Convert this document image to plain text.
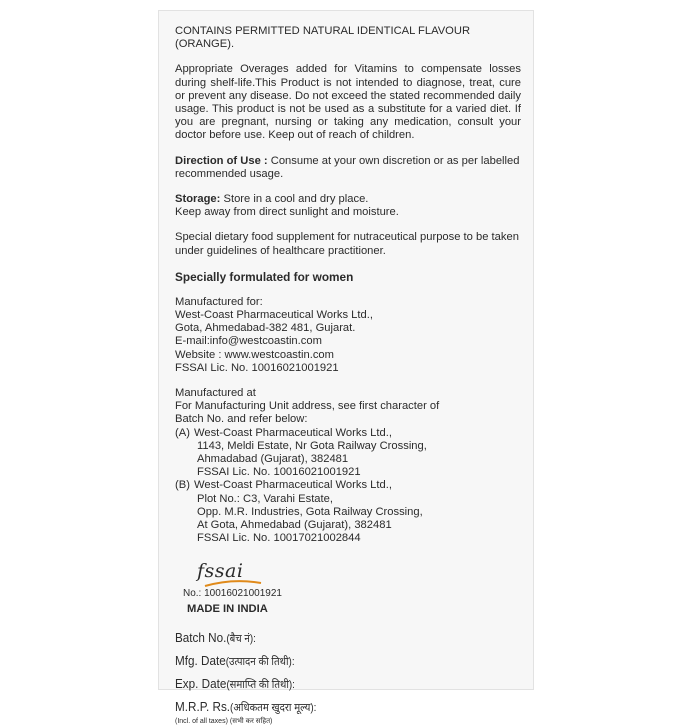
CONTAINS PERMITTED NATURAL IDENTICAL FLAVOUR (ORANGE).

Appropriate Overages added for Vitamins to compensate losses during shelf-life.This Product is not intended to diagnose, treat, cure or prevent any disease. Do not exceed the stated recommended daily usage. This product is not be used as a substitute for a varied diet. If you are pregnant, nursing or taking any medication, consult your doctor before use. Keep out of reach of children.

Direction of Use : Consume at your own discretion or as per labelled recommended usage.

Storage: Store in a cool and dry place.
Keep away from direct sunlight and moisture.

Special dietary food supplement for nutraceutical purpose to be taken under guidelines of healthcare practitioner.

Specially formulated for women

Manufactured for:
West-Coast Pharmaceutical Works Ltd.,
Gota, Ahmedabad-382 481, Gujarat.
E-mail:info@westcoastin.com
Website : www.westcoastin.com
FSSAI Lic. No. 10016021001921
Manufactured at
For Manufacturing Unit address, see first character of
Batch No. and refer below:
(A) West-Coast Pharmaceutical Works Ltd.,
1143, Meldi Estate, Nr Gota Railway Crossing,
Ahmadabad (Gujarat), 382481
FSSAI Lic. No. 10016021001921
(B) West-Coast Pharmaceutical Works Ltd.,
Plot No.: C3, Varahi Estate,
Opp. M.R. Industries, Gota Railway Crossing,
At Gota, Ahmedabad (Gujarat), 382481
FSSAI Lic. No. 10017021002844
fssai

No.: 10016021001921

MADE IN INDIA

Batch No.(बैच नं):

Mfg. Date(उत्पादन की तिथी):

Exp. Date(समाप्ति की तिथी):

M.R.P. Rs.(अधिकतम खुदरा मूल्य):

(Incl. of all taxes) (सभी कर सहित)
